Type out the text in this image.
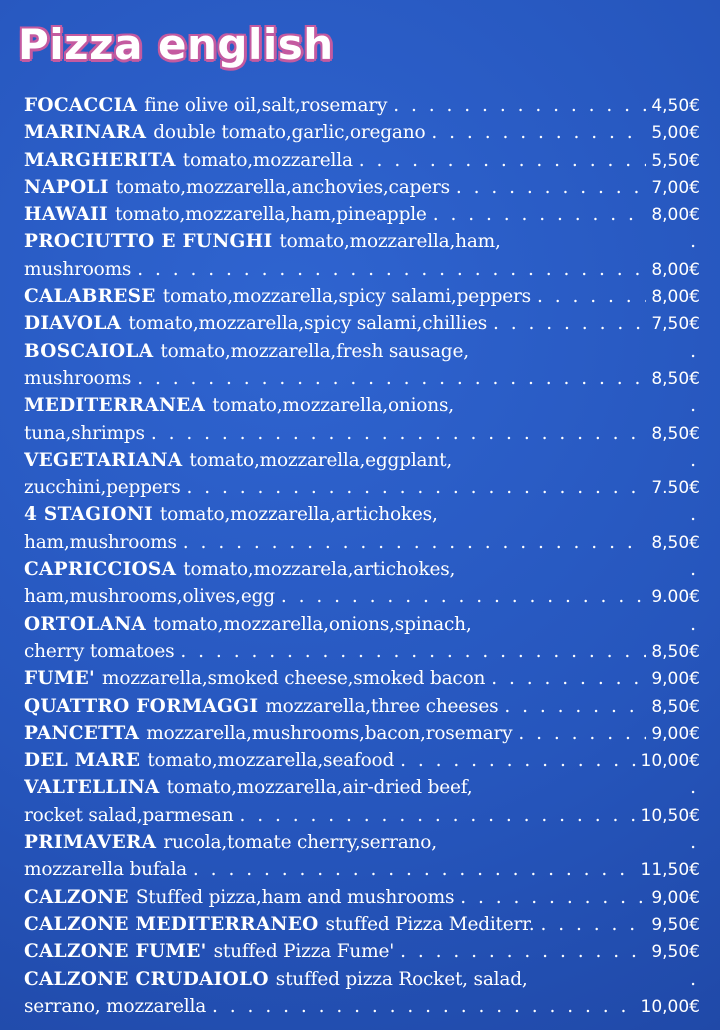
Pizza english
FOCACCIA fine olive oil,salt,rosemary . . .	4,50€
MARINARA double tomato,garlic,oregano . . .	5,00€
MARGHERITA tomato,mozzarella . . .	5,50€
NAPOLI tomato,mozzarella,anchovies,capers . . .	7,00€
HAWAII tomato,mozzarella,ham,pineapple . . .	8,00€
PROCIUTTO E FUNGHI tomato,mozzarella,ham,	.
mushrooms . . .	8,00€
CALABRESE tomato,mozzarella,spicy salami,peppers . . .	8,00€
DIAVOLA tomato,mozzarella,spicy salami,chillies . . .	7,50€
BOSCAIOLA tomato,mozzarella,fresh sausage,	.
mushrooms . . .	8,50€
MEDITERRANEA tomato,mozzarella,onions,	.
tuna,shrimps . . .	8,50€
VEGETARIANA tomato,mozzarella,eggplant,	.
zucchini,peppers . . .	7.50€
4 STAGIONI tomato,mozzarella,artichokes,	.
ham,mushrooms . . .	8,50€
CAPRICCIOSA tomato,mozzarela,artichokes,	.
ham,mushrooms,olives,egg . . .	9.00€
ORTOLANA tomato,mozzarella,onions,spinach,	.
cherry tomatoes . . .	8,50€
FUME' mozzarella,smoked cheese,smoked bacon . . .	9,00€
QUATTRO FORMAGGI mozzarella,three cheeses . . .	8,50€
PANCETTA mozzarella,mushrooms,bacon,rosemary . . .	9,00€
DEL MARE tomato,mozzarella,seafood . . .	10,00€
VALTELLINA tomato,mozzarella,air-dried beef,	.
rocket salad,parmesan . . .	10,50€
PRIMAVERA rucola,tomate cherry,serrano,	.
mozzarella bufala . . .	11,50€
CALZONE Stuffed pizza,ham and mushrooms . . .	9,00€
CALZONE MEDITERRANEO stuffed Pizza Mediterr. . . .	9,50€
CALZONE FUME' stuffed Pizza Fume' . . .	9,50€
CALZONE CRUDAIOLO stuffed pizza Rocket, salad,	.
serrano, mozzarella . . .	10,00€
